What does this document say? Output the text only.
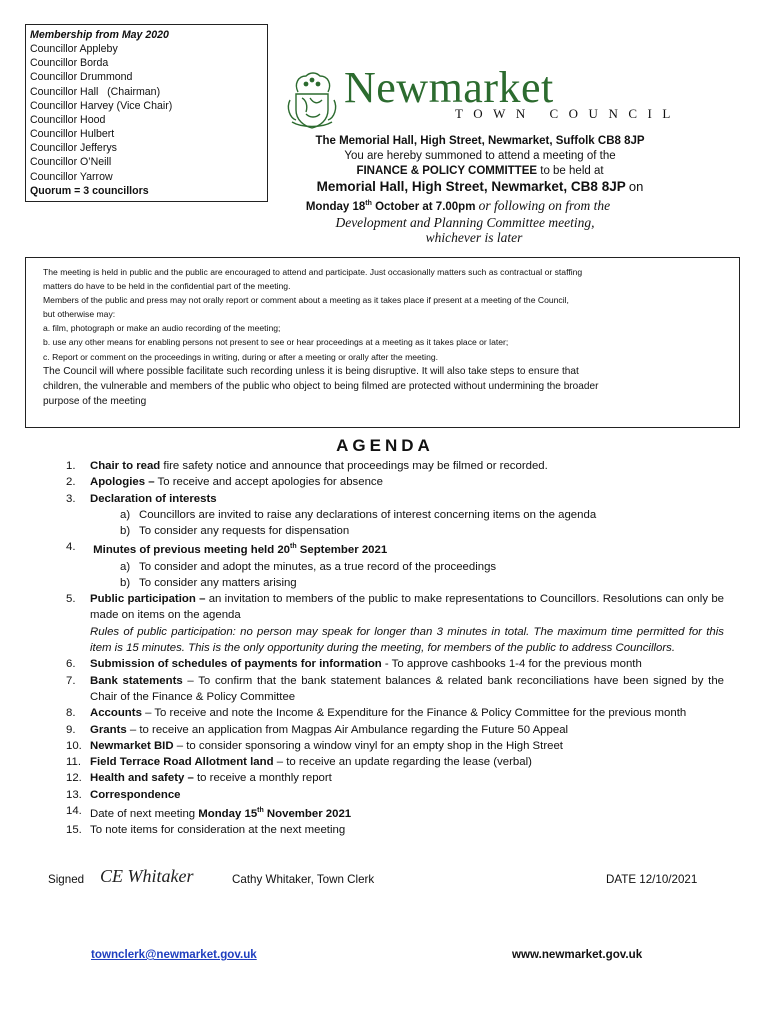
Membership from May 2020
Councillor Appleby
Councillor Borda
Councillor Drummond
Councillor Hall   (Chairman)
Councillor Harvey (Vice Chair)
Councillor Hood
Councillor Hulbert
Councillor Jefferys
Councillor O’Neill
Councillor Yarrow
Quorum = 3 councillors
Newmarket
TOWN COUNCIL
The Memorial Hall, High Street, Newmarket, Suffolk CB8 8JP
You are hereby summoned to attend a meeting of the
FINANCE & POLICY COMMITTEE to be held at
Memorial Hall, High Street, Newmarket, CB8 8JP on
Monday 18th October at 7.00pm or following on from the
Development and Planning Committee meeting,
whichever is later
The meeting is held in public and the public are encouraged to attend and participate. Just occasionally matters such as contractual or staffing
matters do have to be held in the confidential part of the meeting.
Members of the public and press may not orally report or comment about a meeting as it takes place if present at a meeting of the Council,
but otherwise may:
a. film, photograph or make an audio recording of the meeting;
b. use any other means for enabling persons not present to see or hear proceedings at a meeting as it takes place or later;
c. Report or comment on the proceedings in writing, during or after a meeting or orally after the meeting.
The Council will where possible facilitate such recording unless it is being disruptive. It will also take steps to ensure that
children, the vulnerable and members of the public who object to being filmed are protected without undermining the broader
purpose of the meeting
AGENDA
1. Chair to read fire safety notice and announce that proceedings may be filmed or recorded.
2. Apologies – To receive and accept apologies for absence
3. Declaration of interests
a) Councillors are invited to raise any declarations of interest concerning items on the agenda
b) To consider any requests for dispensation
4. Minutes of previous meeting held 20th September 2021
a) To consider and adopt the minutes, as a true record of the proceedings
b) To consider any matters arising
5. Public participation – an invitation to members of the public to make representations to Councillors. Resolutions can only be made on items on the agenda
Rules of public participation: no person may speak for longer than 3 minutes in total. The maximum time permitted for this item is 15 minutes. This is the only opportunity during the meeting, for members of the public to address Councillors.
6. Submission of schedules of payments for information - To approve cashbooks 1-4 for the previous month
7. Bank statements – To confirm that the bank statement balances & related bank reconciliations have been signed by the Chair of the Finance & Policy Committee
8. Accounts – To receive and note the Income & Expenditure for the Finance & Policy Committee for the previous month
9. Grants – to receive an application from Magpas Air Ambulance regarding the Future 50 Appeal
10. Newmarket BID – to consider sponsoring a window vinyl for an empty shop in the High Street
11. Field Terrace Road Allotment land – to receive an update regarding the lease (verbal)
12. Health and safety – to receive a monthly report
13. Correspondence
14. Date of next meeting Monday 15th November 2021
15. To note items for consideration at the next meeting
Signed CE Whitaker	Cathy Whitaker, Town Clerk	DATE 12/10/2021
townclerk@newmarket.gov.uk	www.newmarket.gov.uk
